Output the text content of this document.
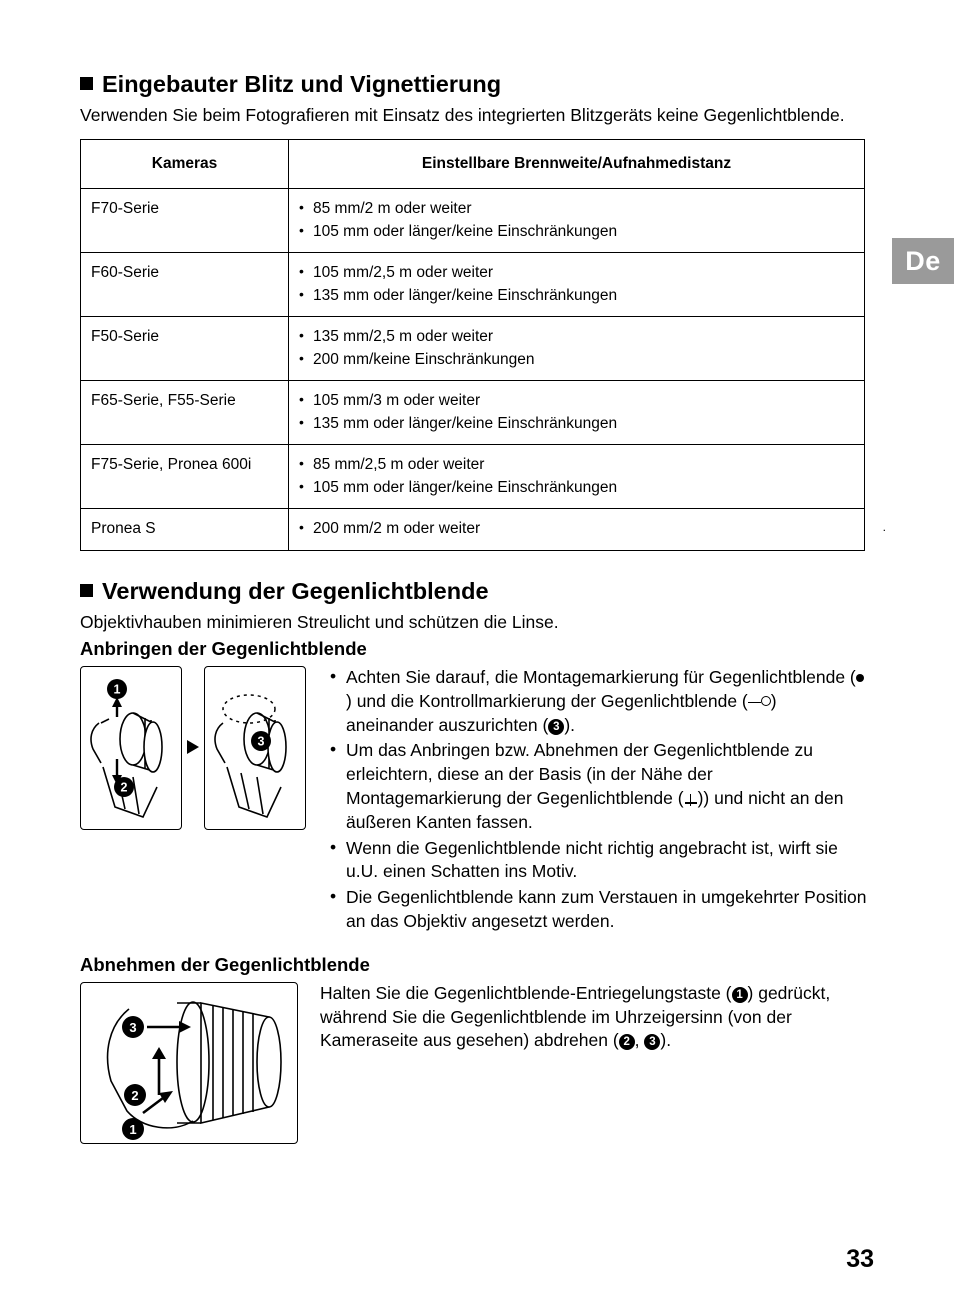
De
Eingebauter Blitz und Vignettierung

Verwenden Sie beim Fotografieren mit Einsatz des integrierten Blitzgeräts keine Gegenlichtblende.

Kameras	Einstellbare Brennweite/Aufnahmedistanz
F70-Serie	
•85 mm/2 m oder weiter
• 105 mm oder länger/keine Einschränkungen

F60-Serie	
•105 mm/2,5 m oder weiter
• 135 mm oder länger/keine Einschränkungen

F50-Serie	
•135 mm/2,5 m oder weiter
• 200 mm/keine Einschränkungen

F65-Serie, F55-Serie	
•105 mm/3 m oder weiter
• 135 mm oder länger/keine Einschränkungen

F75-Serie, Pronea 600i	
•85 mm/2,5 m oder weiter
• 105 mm oder länger/keine Einschränkungen

Pronea S	
•200 mm/2 m oder weiter
Verwendung der Gegenlichtblende

Objektivhauben minimieren Streulicht und schützen die Linse.

Anbringen der Gegenlichtblende
1
2
3
• Achten Sie darauf, die Montagemarkierung für Gegenlichtblende () und die Kontrollmarkierung der Gegenlichtblende ( ) aneinander auszurichten ( 3 ).
• Um das Anbringen bzw. Abnehmen der Gegenlichtblende zu erleichtern, diese an der Basis (in der Nähe der Montagemarkierung der Gegenlichtblende ( )) und nicht an den äußeren Kanten fassen.
• Wenn die Gegenlichtblende nicht richtig angebracht ist, wirft sie u.U. einen Schatten ins Motiv.
• Die Gegenlichtblende kann zum Verstauen in umgekehrter Position an das Objektiv angesetzt werden.
Abnehmen der Gegenlichtblende
3
2
1
Halten Sie die Gegenlichtblende-Entriegelungstaste ( 1 ) gedrückt, während Sie die Gegenlichtblende im Uhrzeigersinn (von der Kameraseite aus gesehen) abdrehen ( 2 , 3 ).
.
33
